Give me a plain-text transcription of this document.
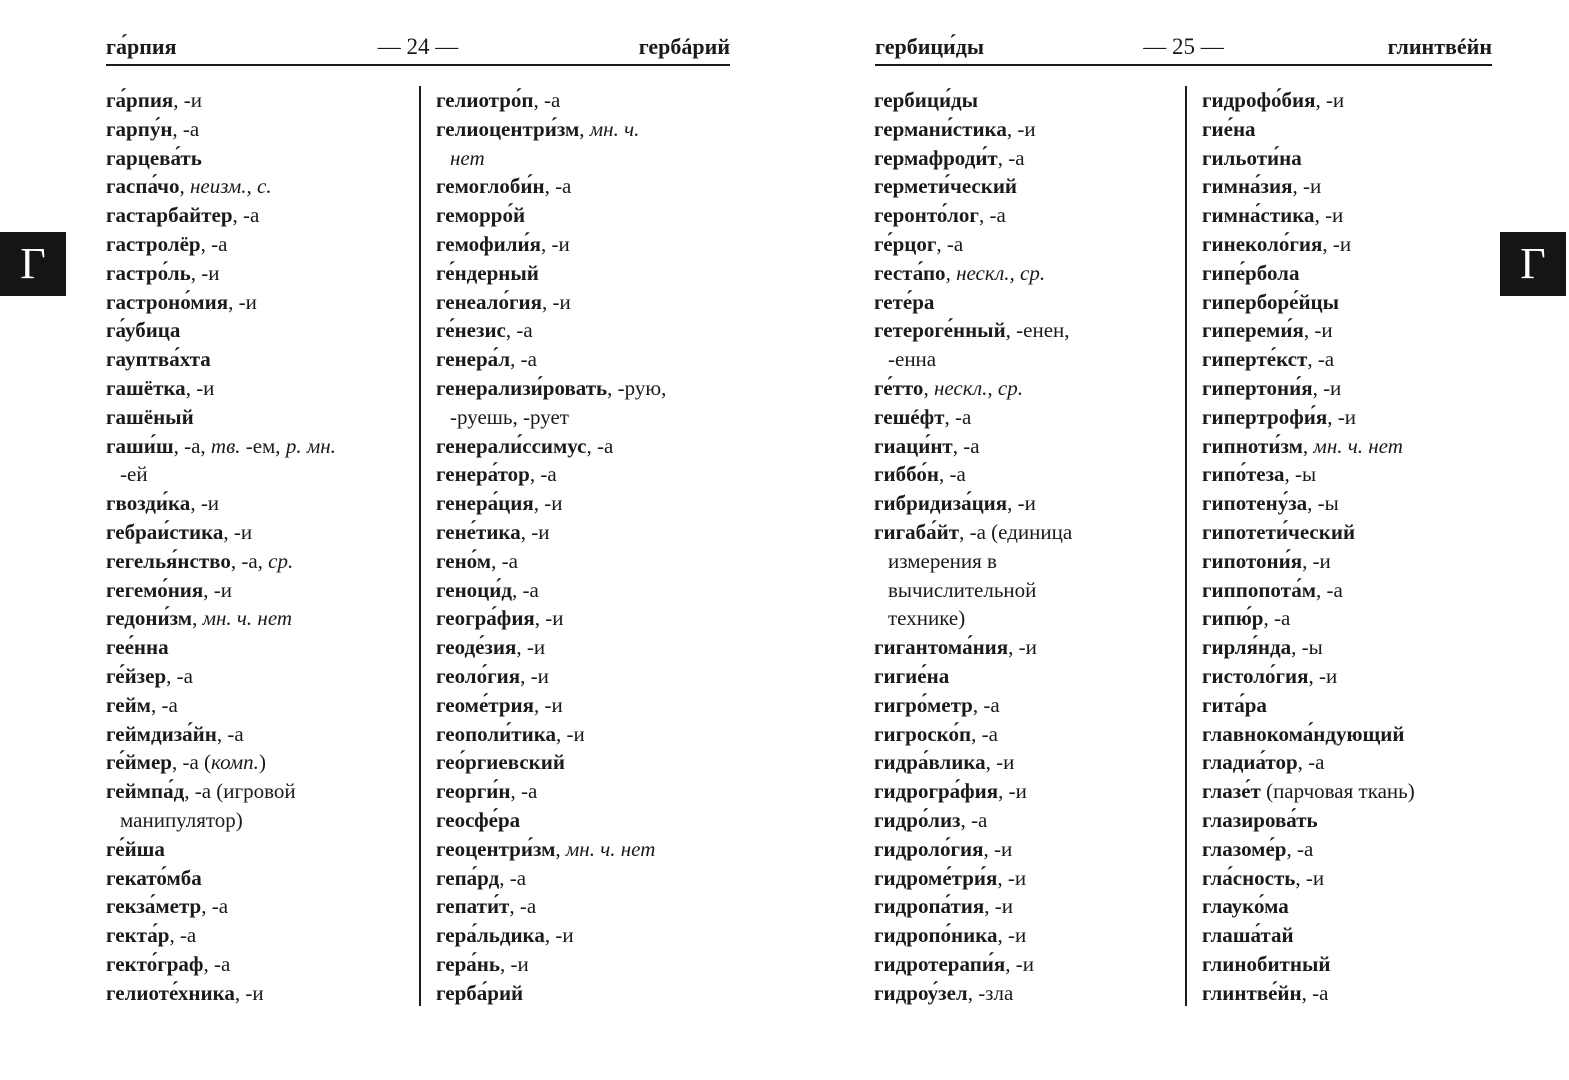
га́рпия	— 24 —	гербáрий
га́рпия, -и
гарпу́н, -а
гарцева́ть
гаспа́чо, неизм., с.
гастарбайтер, -а
гастролёр, -а
гастро́ль, -и
гастроно́мия, -и
га́убица
гауптва́хта
гашётка, -и
гашёный
гаши́ш, -а, тв. -ем, р. мн.
-ей
гвозди́ка, -и
гебраи́стика, -и
гегелья́нство, -а, ср.
гегемо́ния, -и
гедони́зм, мн. ч. нет
гее́нна
ге́йзер, -а
гейм, -а
геймдиза́йн, -а
ге́ймер, -а (комп.)
геймпа́д, -а (игровой
манипулятор)
ге́йша
гекато́мба
гекза́метр, -а
гекта́р, -а
гекто́граф, -а
гелиоте́хника, -и
гелиотро́п, -а
гелиоцентри́зм, мн. ч.
нет
гемоглоби́н, -а
геморро́й
гемофили́я, -и
ге́ндерный
генеало́гия, -и
ге́незис, -а
генера́л, -а
генерализи́ровать, -рую,
-руешь, -рует
генерали́ссимус, -а
генера́тор, -а
генера́ция, -и
гене́тика, -и
гено́м, -а
геноци́д, -а
геогра́фия, -и
геоде́зия, -и
геоло́гия, -и
геоме́трия, -и
геополи́тика, -и
гео́ргиевский
георги́н, -а
геосфе́ра
геоцентри́зм, мн. ч. нет
гепа́рд, -а
гепати́т, -а
гера́льдика, -и
гера́нь, -и
герба́рий
Г
гербици́ды	— 25 —	глинтвéйн
гербици́ды
германи́стика, -и
гермафроди́т, -а
гермети́ческий
геронто́лог, -а
ге́рцог, -а
геста́по, нескл., ср.
гете́ра
гетероге́нный, -енен,
-енна
ге́тто, нескл., ср.
гешéфт, -а
гиаци́нт, -а
гиббо́н, -а
гибридиза́ция, -и
гигаба́йт, -а (единица
измерения в
вычислительной
технике)
гигантома́ния, -и
гигие́на
гигро́метр, -а
гигроско́п, -а
гидра́влика, -и
гидрогра́фия, -и
гидро́лиз, -а
гидроло́гия, -и
гидроме́три́я, -и
гидропа́тия, -и
гидропо́ника, -и
гидротерапи́я, -и
гидроу́зел, -зла
гидрофо́бия, -и
гие́на
гильоти́на
гимна́зия, -и
гимна́стика, -и
гинеколо́гия, -и
гипе́рбола
гиперборе́йцы
гипереми́я, -и
гиперте́кст, -а
гипертони́я, -и
гипертрофи́я, -и
гипноти́зм, мн. ч. нет
гипо́теза, -ы
гипотену́за, -ы
гипотети́ческий
гипотони́я, -и
гиппопота́м, -а
гипю́р, -а
гирля́нда, -ы
гистоло́гия, -и
гита́ра
главнокома́ндующий
гладиа́тор, -а
глазе́т (парчовая ткань)
глазирова́ть
глазоме́р, -а
гла́сность, -и
глауко́ма
глаша́тай
глинобитный
глинтве́йн, -а
Г
